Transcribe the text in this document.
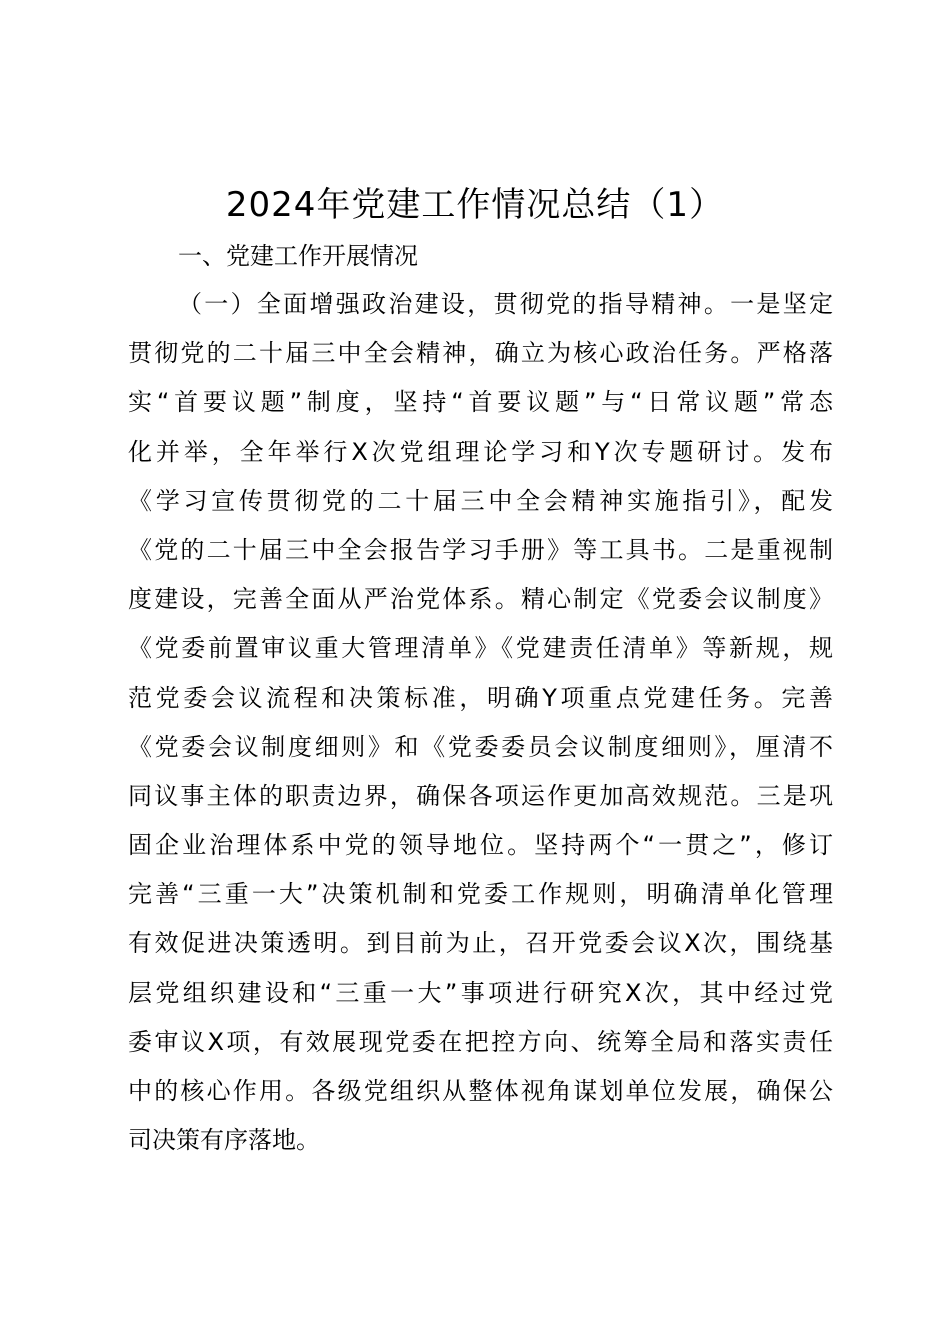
2024年党建工作情况总结（1）
一、党建工作开展情况
（一）全面增强政治建设，贯彻党的指导精神。一是坚定
贯彻党的二十届三中全会精神，确立为核心政治任务。严格落
实“首要议题”制度，坚持“首要议题”与“日常议题”常态
化并举，全年举行X次党组理论学习和Y次专题研讨。发布
《学习宣传贯彻党的二十届三中全会精神实施指引》，配发
《党的二十届三中全会报告学习手册》等工具书。二是重视制
度建设，完善全面从严治党体系。精心制定《党委会议制度》
《党委前置审议重大管理清单》《党建责任清单》等新规，规
范党委会议流程和决策标准，明确Y项重点党建任务。完善
《党委会议制度细则》和《党委委员会议制度细则》，厘清不
同议事主体的职责边界，确保各项运作更加高效规范。三是巩
固企业治理体系中党的领导地位。坚持两个“一贯之”，修订
完善“三重一大”决策机制和党委工作规则，明确清单化管理
有效促进决策透明。到目前为止，召开党委会议X次，围绕基
层党组织建设和“三重一大”事项进行研究X次，其中经过党
委审议X项，有效展现党委在把控方向、统筹全局和落实责任
中的核心作用。各级党组织从整体视角谋划单位发展，确保公
司决策有序落地。
